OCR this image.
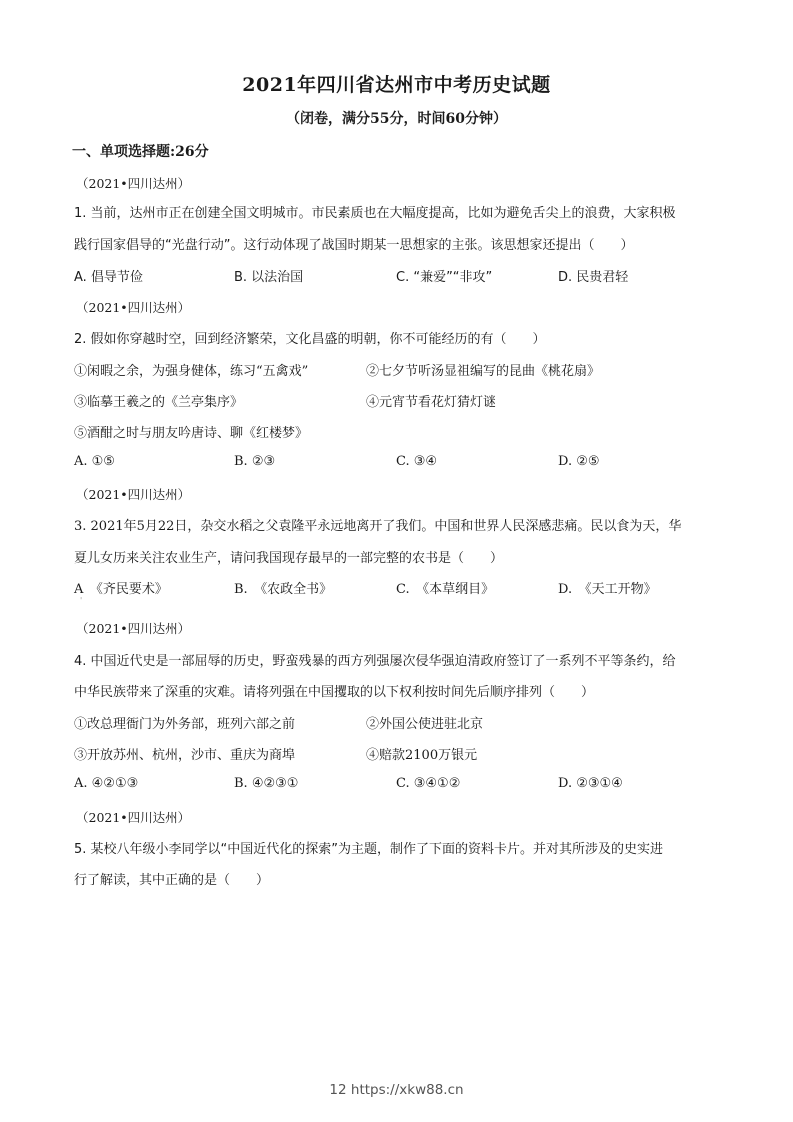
2021年四川省达州市中考历史试题
（闭卷，满分55分，时间60分钟）
一、单项选择题:26分
（2021•四川达州）
1. 当前，达州市正在创建全国文明城市。市民素质也在大幅度提高，比如为避免舌尖上的浪费，大家积极
践行国家倡导的“光盘行动”。这行动体现了战国时期某一思想家的主张。该思想家还提出（　　）
A. 倡导节俭	B. 以法治国	C. “兼爱”“非攻”	D. 民贵君轻
（2021•四川达州）
2. 假如你穿越时空，回到经济繁荣，文化昌盛的明朝，你不可能经历的有（　　）
①闲暇之余，为强身健体，练习“五禽戏”	②七夕节听汤显祖编写的昆曲《桃花扇》
③临摹王羲之的《兰亭集序》	④元宵节看花灯猜灯谜
⑤酒酣之时与朋友吟唐诗、聊《红楼梦》
A. ①⑤	B. ②③	C. ③④	D. ②⑤
（2021•四川达州）
3. 2021年5月22日，杂交水稻之父袁隆平永远地离开了我们。中国和世界人民深感悲痛。民以食为天，华
夏儿女历来关注农业生产，请问我国现存最早的一部完整的农书是（　　）
A　《齐民要术》	B.　《农政全书》	C.　《本草纲目》	D.　《天工开物》
'
（2021•四川达州）
4. 中国近代史是一部屈辱的历史，野蛮残暴的西方列强屡次侵华强迫清政府签订了一系列不平等条约，给
中华民族带来了深重的灾难。请将列强在中国攫取的以下权利按时间先后顺序排列（　　）
①改总理衙门为外务部，班列六部之前	②外国公使进驻北京
③开放苏州、杭州，沙市、重庆为商埠	④赔款2100万银元
A. ④②①③	B. ④②③①	C. ③④①②	D. ②③①④
（2021•四川达州）
5. 某校八年级小李同学以“中国近代化的探索”为主题，制作了下面的资料卡片。并对其所涉及的史实进
行了解读，其中正确的是（　　）
12 https://xkw88.cn
